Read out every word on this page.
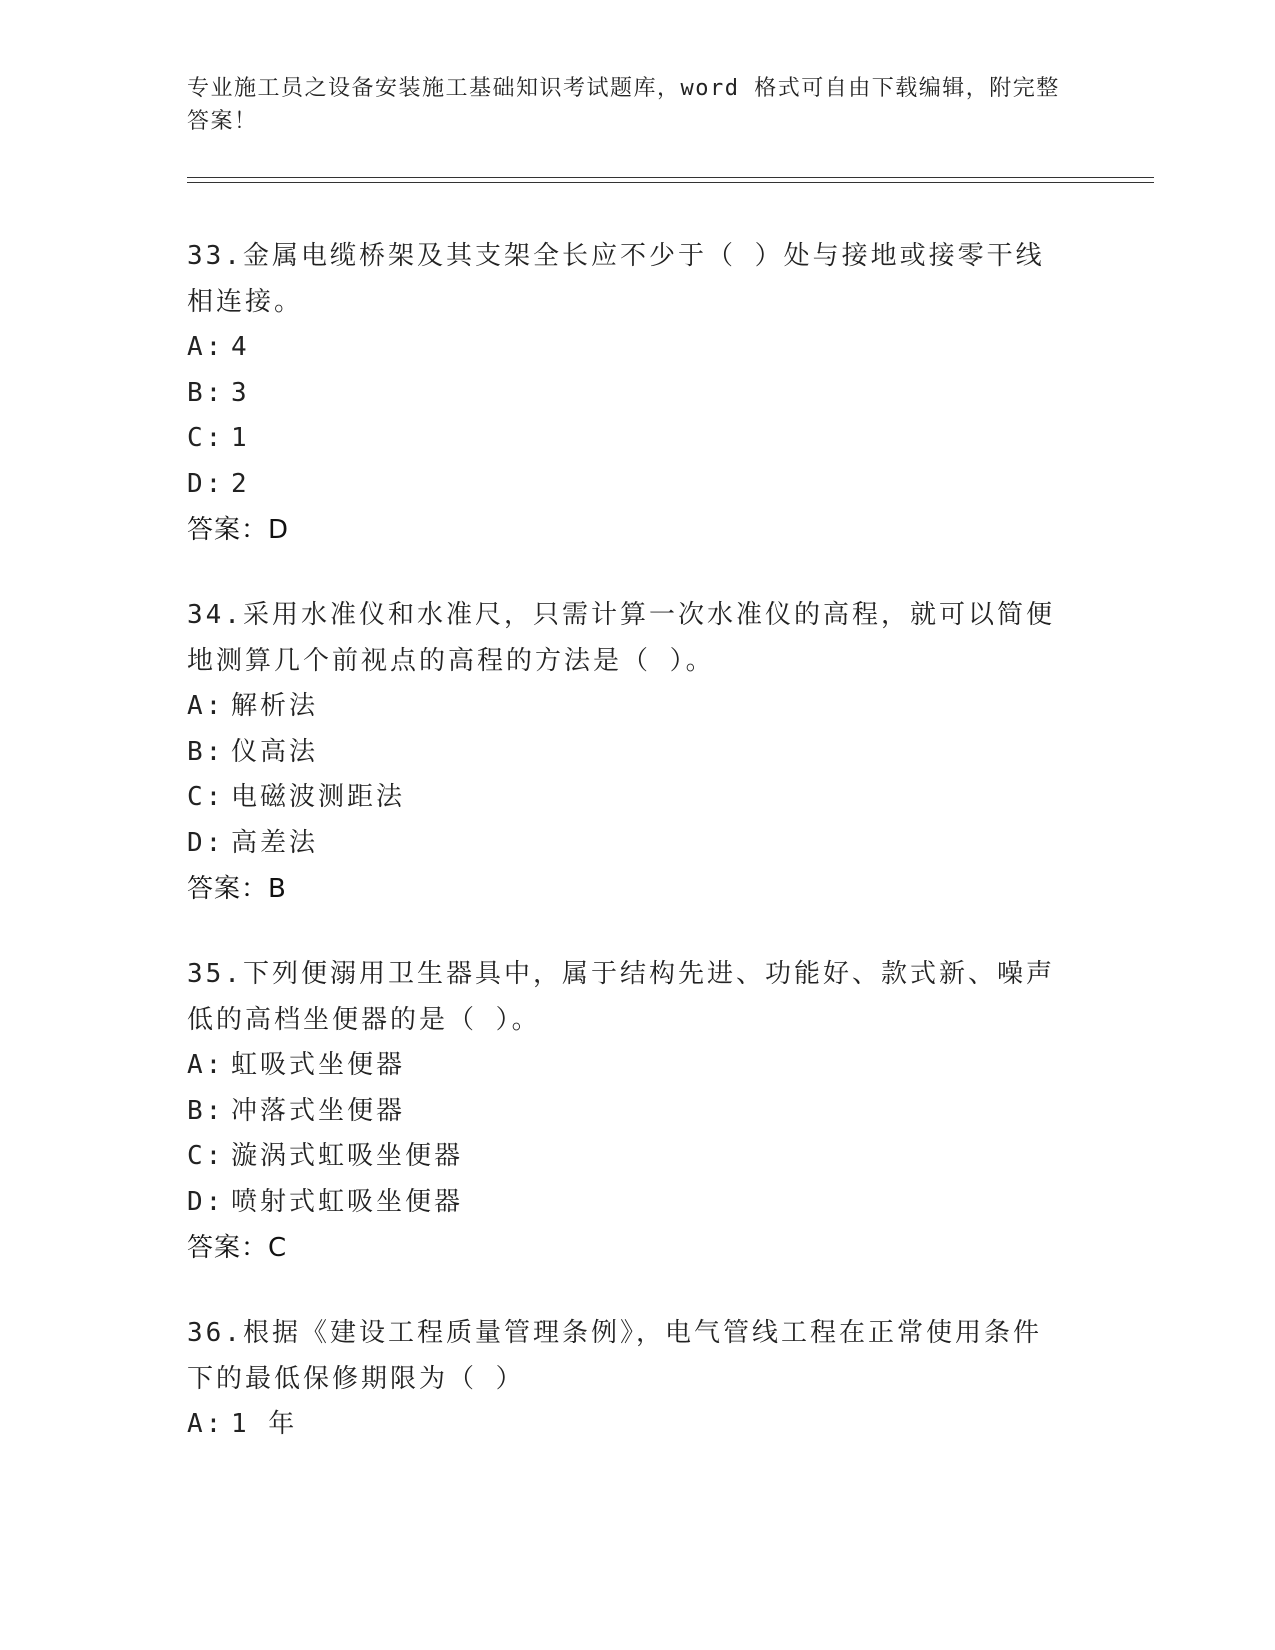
专业施工员之设备安装施工基础知识考试题库，word 格式可自由下载编辑，附完整答案！
33.金属电缆桥架及其支架全长应不少于（ ）处与接地或接零干线相连接。
A: 4
B: 3
C: 1
D: 2
答案：D
34.采用水准仪和水准尺，只需计算一次水准仪的高程，就可以简便地测算几个前视点的高程的方法是（ ）。
A: 解析法
B: 仪高法
C: 电磁波测距法
D: 高差法
答案：B
35.下列便溺用卫生器具中，属于结构先进、功能好、款式新、噪声低的高档坐便器的是（ ）。
A: 虹吸式坐便器
B: 冲落式坐便器
C: 漩涡式虹吸坐便器
D: 喷射式虹吸坐便器
答案：C
36.根据《建设工程质量管理条例》，电气管线工程在正常使用条件下的最低保修期限为（ ）
A: 1 年
